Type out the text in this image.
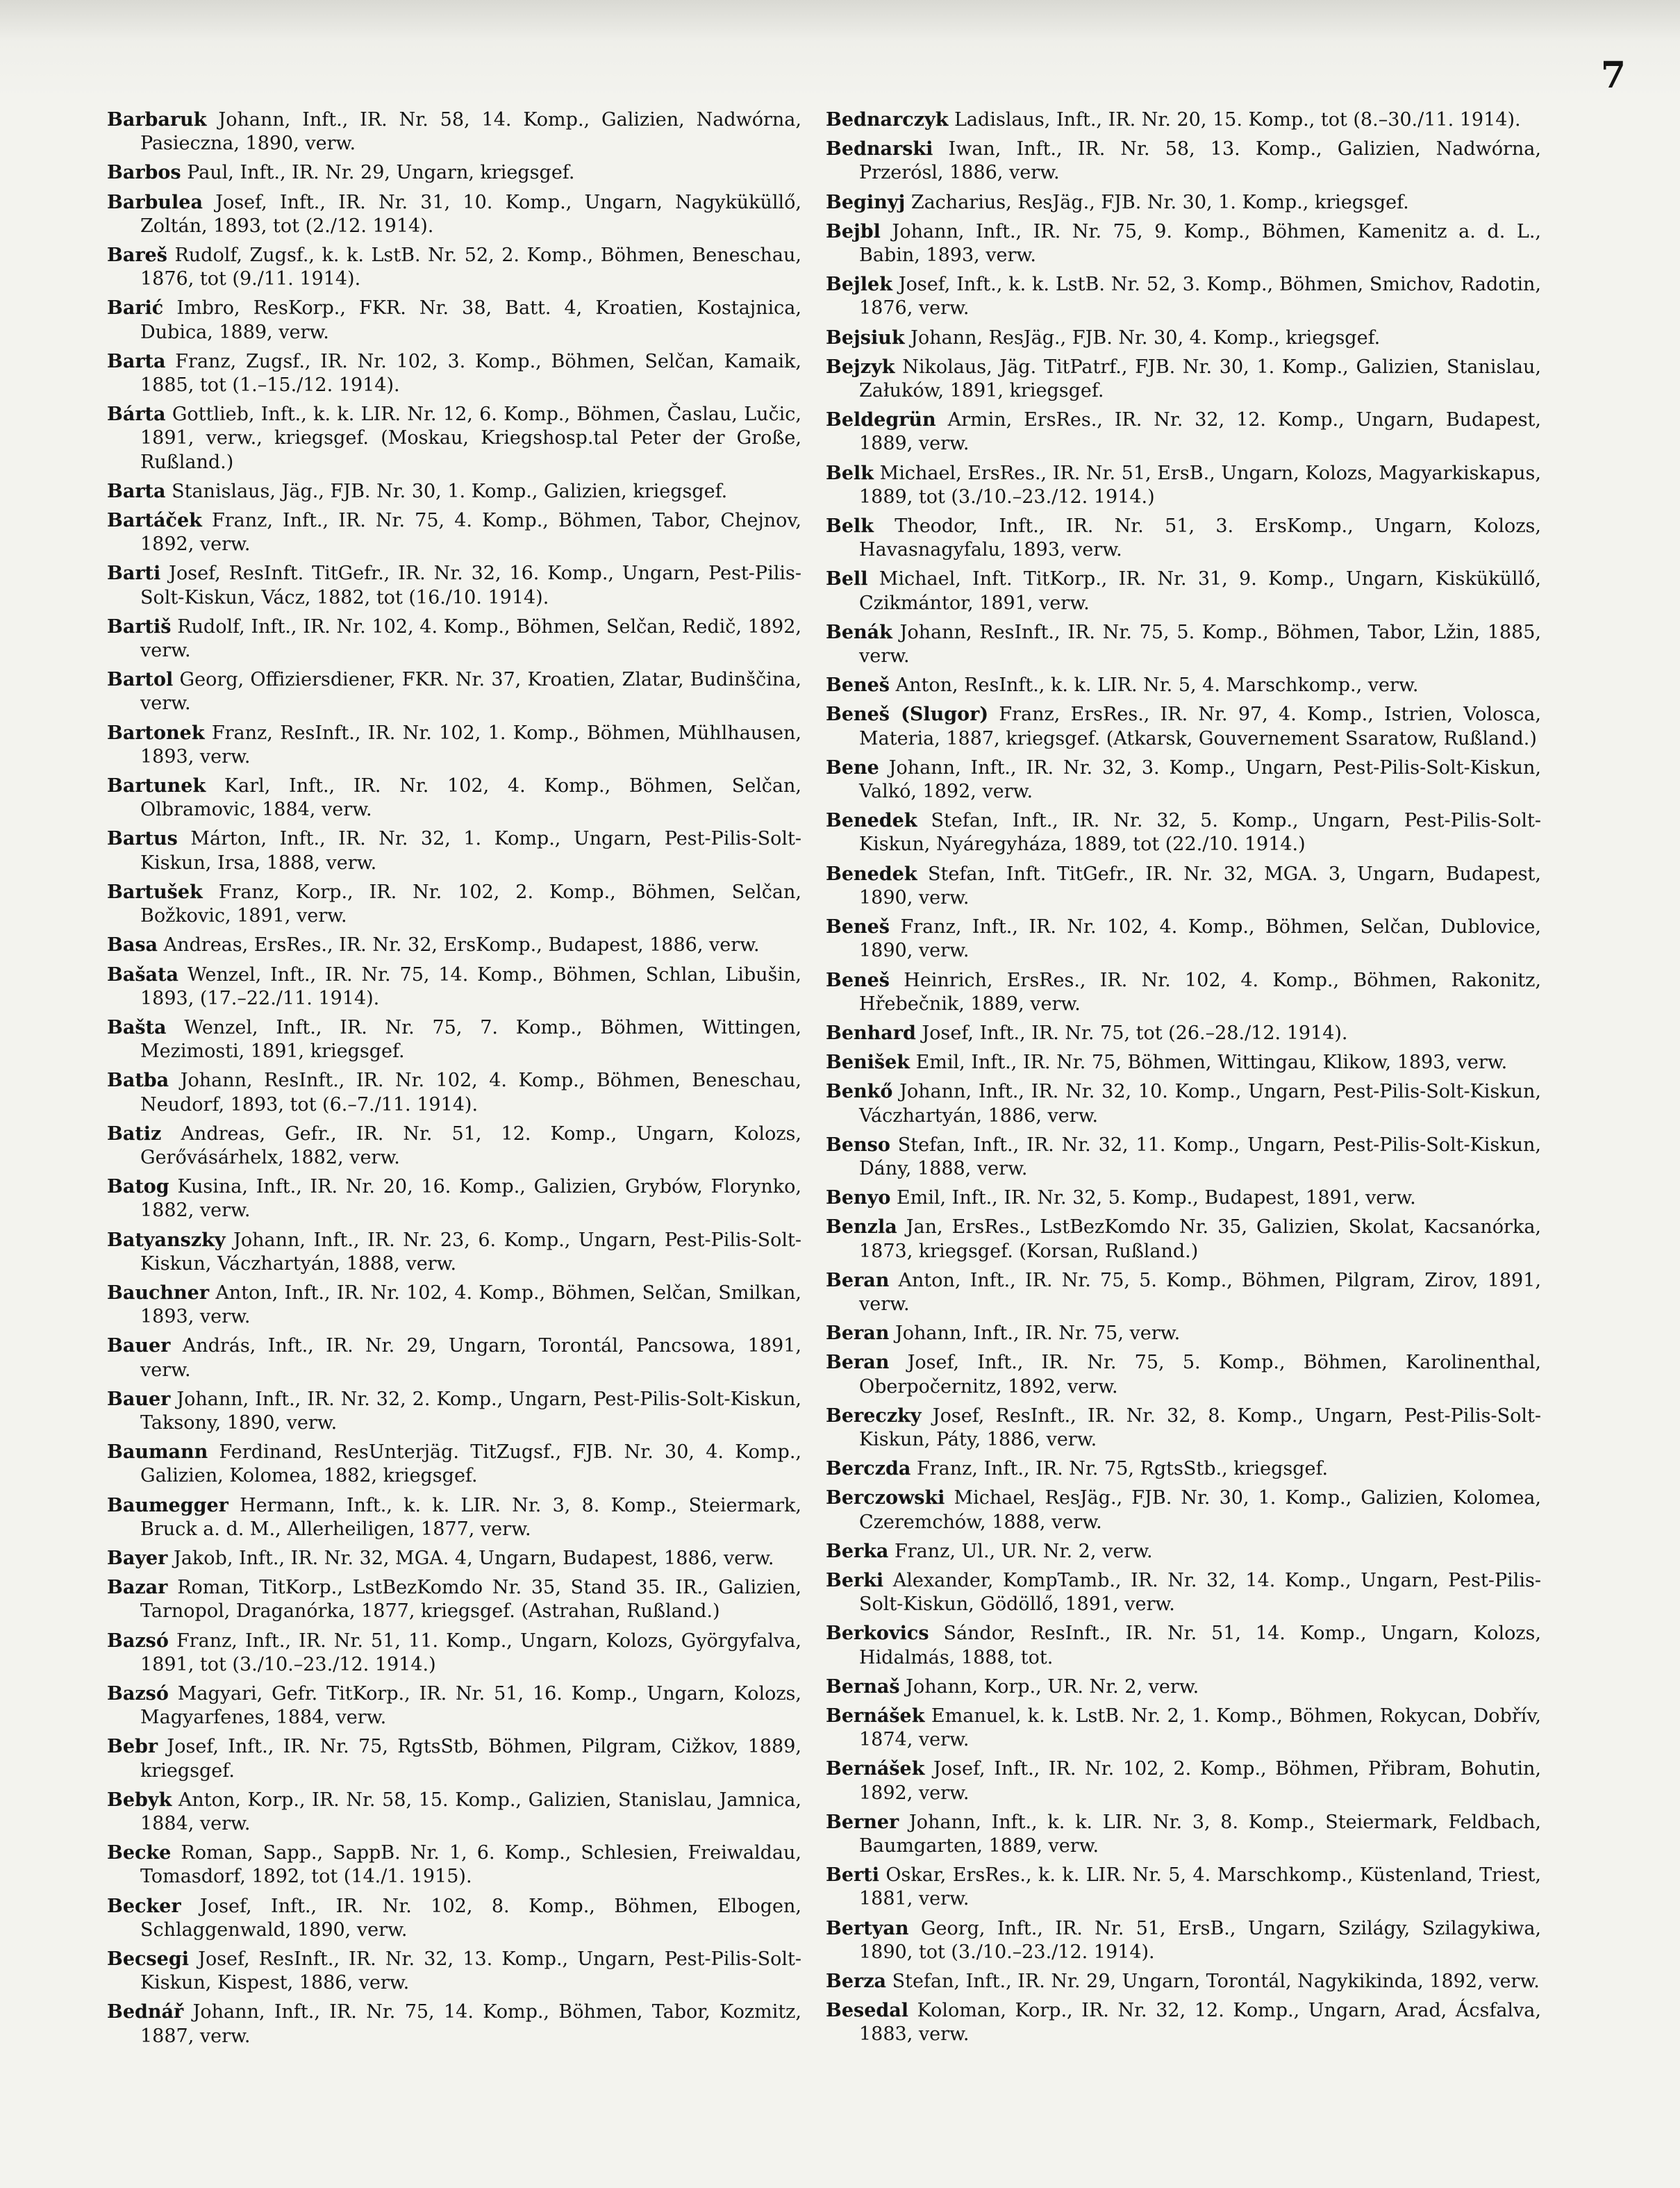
7

Barbaruk Johann, Inft., IR. Nr. 58, 14. Komp., Galizien, Nadwórna, Pasieczna, 1890, verw.

Barbos Paul, Inft., IR. Nr. 29, Ungarn, kriegsgef.

Barbulea Josef, Inft., IR. Nr. 31, 10. Komp., Ungarn, Nagyküküllő, Zoltán, 1893, tot (2./12. 1914).

Bareš Rudolf, Zugsf., k. k. LstB. Nr. 52, 2. Komp., Böhmen, Beneschau, 1876, tot (9./11. 1914).

Barić Imbro, ResKorp., FKR. Nr. 38, Batt. 4, Kroatien, Kostajnica, Dubica, 1889, verw.

Barta Franz, Zugsf., IR. Nr. 102, 3. Komp., Böhmen, Selčan, Kamaik, 1885, tot (1.–15./12. 1914).

Bárta Gottlieb, Inft., k. k. LIR. Nr. 12, 6. Komp., Böhmen, Časlau, Lučic, 1891, verw., kriegsgef. (Moskau, Kriegshosp.tal Peter der Große, Rußland.)

Barta Stanislaus, Jäg., FJB. Nr. 30, 1. Komp., Galizien, kriegsgef.

Bartáček Franz, Inft., IR. Nr. 75, 4. Komp., Böhmen, Tabor, Chejnov, 1892, verw.

Barti Josef, ResInft. TitGefr., IR. Nr. 32, 16. Komp., Ungarn, Pest-Pilis-Solt-Kiskun, Vácz, 1882, tot (16./10. 1914).

Bartiš Rudolf, Inft., IR. Nr. 102, 4. Komp., Böhmen, Selčan, Redič, 1892, verw.

Bartol Georg, Offiziersdiener, FKR. Nr. 37, Kroatien, Zlatar, Budinščina, verw.

Bartonek Franz, ResInft., IR. Nr. 102, 1. Komp., Böhmen, Mühlhausen, 1893, verw.

Bartunek Karl, Inft., IR. Nr. 102, 4. Komp., Böhmen, Selčan, Olbramovic, 1884, verw.

Bartus Márton, Inft., IR. Nr. 32, 1. Komp., Ungarn, Pest-Pilis-Solt-Kiskun, Irsa, 1888, verw.

Bartušek Franz, Korp., IR. Nr. 102, 2. Komp., Böhmen, Selčan, Božkovic, 1891, verw.

Basa Andreas, ErsRes., IR. Nr. 32, ErsKomp., Budapest, 1886, verw.

Bašata Wenzel, Inft., IR. Nr. 75, 14. Komp., Böhmen, Schlan, Libušin, 1893, (17.–22./11. 1914).

Bašta Wenzel, Inft., IR. Nr. 75, 7. Komp., Böhmen, Wittingen, Mezimosti, 1891, kriegsgef.

Batba Johann, ResInft., IR. Nr. 102, 4. Komp., Böhmen, Beneschau, Neudorf, 1893, tot (6.–7./11. 1914).

Batiz Andreas, Gefr., IR. Nr. 51, 12. Komp., Ungarn, Kolozs, Gerővásárhelx, 1882, verw.

Batog Kusina, Inft., IR. Nr. 20, 16. Komp., Galizien, Grybów, Florynko, 1882, verw.

Batyanszky Johann, Inft., IR. Nr. 23, 6. Komp., Ungarn, Pest-Pilis-Solt-Kiskun, Váczhartyán, 1888, verw.

Bauchner Anton, Inft., IR. Nr. 102, 4. Komp., Böhmen, Selčan, Smilkan, 1893, verw.

Bauer András, Inft., IR. Nr. 29, Ungarn, Torontál, Pancsowa, 1891, verw.

Bauer Johann, Inft., IR. Nr. 32, 2. Komp., Ungarn, Pest-Pilis-Solt-Kiskun, Taksony, 1890, verw.

Baumann Ferdinand, ResUnterjäg. TitZugsf., FJB. Nr. 30, 4. Komp., Galizien, Kolomea, 1882, kriegsgef.

Baumegger Hermann, Inft., k. k. LIR. Nr. 3, 8. Komp., Steiermark, Bruck a. d. M., Allerheiligen, 1877, verw.

Bayer Jakob, Inft., IR. Nr. 32, MGA. 4, Ungarn, Budapest, 1886, verw.

Bazar Roman, TitKorp., LstBezKomdo Nr. 35, Stand 35. IR., Galizien, Tarnopol, Draganórka, 1877, kriegsgef. (Astrahan, Rußland.)

Bazsó Franz, Inft., IR. Nr. 51, 11. Komp., Ungarn, Kolozs, Györgyfalva, 1891, tot (3./10.–23./12. 1914.)

Bazsó Magyari, Gefr. TitKorp., IR. Nr. 51, 16. Komp., Ungarn, Kolozs, Magyarfenes, 1884, verw.

Bebr Josef, Inft., IR. Nr. 75, RgtsStb, Böhmen, Pilgram, Cižkov, 1889, kriegsgef.

Bebyk Anton, Korp., IR. Nr. 58, 15. Komp., Galizien, Stanislau, Jamnica, 1884, verw.

Becke Roman, Sapp., SappB. Nr. 1, 6. Komp., Schlesien, Freiwaldau, Tomasdorf, 1892, tot (14./1. 1915).

Becker Josef, Inft., IR. Nr. 102, 8. Komp., Böhmen, Elbogen, Schlaggenwald, 1890, verw.

Becsegi Josef, ResInft., IR. Nr. 32, 13. Komp., Ungarn, Pest-Pilis-Solt-Kiskun, Kispest, 1886, verw.

Bednář Johann, Inft., IR. Nr. 75, 14. Komp., Böhmen, Tabor, Kozmitz, 1887, verw.

Bednarczyk Ladislaus, Inft., IR. Nr. 20, 15. Komp., tot (8.–30./11. 1914).

Bednarski Iwan, Inft., IR. Nr. 58, 13. Komp., Galizien, Nadwórna, Przerósl, 1886, verw.

Beginyj Zacharius, ResJäg., FJB. Nr. 30, 1. Komp., kriegsgef.

Bejbl Johann, Inft., IR. Nr. 75, 9. Komp., Böhmen, Kamenitz a. d. L., Babin, 1893, verw.

Bejlek Josef, Inft., k. k. LstB. Nr. 52, 3. Komp., Böhmen, Smichov, Radotin, 1876, verw.

Bejsiuk Johann, ResJäg., FJB. Nr. 30, 4. Komp., kriegsgef.

Bejzyk Nikolaus, Jäg. TitPatrf., FJB. Nr. 30, 1. Komp., Galizien, Stanislau, Załuków, 1891, kriegsgef.

Beldegrün Armin, ErsRes., IR. Nr. 32, 12. Komp., Ungarn, Budapest, 1889, verw.

Belk Michael, ErsRes., IR. Nr. 51, ErsB., Ungarn, Kolozs, Magyarkiskapus, 1889, tot (3./10.–23./12. 1914.)

Belk Theodor, Inft., IR. Nr. 51, 3. ErsKomp., Ungarn, Kolozs, Havasnagyfalu, 1893, verw.

Bell Michael, Inft. TitKorp., IR. Nr. 31, 9. Komp., Ungarn, Kisküküllő, Czikmántor, 1891, verw.

Benák Johann, ResInft., IR. Nr. 75, 5. Komp., Böhmen, Tabor, Lžin, 1885, verw.

Beneš Anton, ResInft., k. k. LIR. Nr. 5, 4. Marschkomp., verw.

Beneš (Slugor) Franz, ErsRes., IR. Nr. 97, 4. Komp., Istrien, Volosca, Materia, 1887, kriegsgef. (Atkarsk, Gouvernement Ssaratow, Rußland.)

Bene Johann, Inft., IR. Nr. 32, 3. Komp., Ungarn, Pest-Pilis-Solt-Kiskun, Valkó, 1892, verw.

Benedek Stefan, Inft., IR. Nr. 32, 5. Komp., Ungarn, Pest-Pilis-Solt-Kiskun, Nyáregyháza, 1889, tot (22./10. 1914.)

Benedek Stefan, Inft. TitGefr., IR. Nr. 32, MGA. 3, Ungarn, Budapest, 1890, verw.

Beneš Franz, Inft., IR. Nr. 102, 4. Komp., Böhmen, Selčan, Dublovice, 1890, verw.

Beneš Heinrich, ErsRes., IR. Nr. 102, 4. Komp., Böhmen, Rakonitz, Hřebečnik, 1889, verw.

Benhard Josef, Inft., IR. Nr. 75, tot (26.–28./12. 1914).

Benišek Emil, Inft., IR. Nr. 75, Böhmen, Wittingau, Klikow, 1893, verw.

Benkő Johann, Inft., IR. Nr. 32, 10. Komp., Ungarn, Pest-Pilis-Solt-Kiskun, Váczhartyán, 1886, verw.

Benso Stefan, Inft., IR. Nr. 32, 11. Komp., Ungarn, Pest-Pilis-Solt-Kiskun, Dány, 1888, verw.

Benyo Emil, Inft., IR. Nr. 32, 5. Komp., Budapest, 1891, verw.

Benzla Jan, ErsRes., LstBezKomdo Nr. 35, Galizien, Skolat, Kacsanórka, 1873, kriegsgef. (Korsan, Rußland.)

Beran Anton, Inft., IR. Nr. 75, 5. Komp., Böhmen, Pilgram, Zirov, 1891, verw.

Beran Johann, Inft., IR. Nr. 75, verw.

Beran Josef, Inft., IR. Nr. 75, 5. Komp., Böhmen, Karolinenthal, Oberpočernitz, 1892, verw.

Bereczky Josef, ResInft., IR. Nr. 32, 8. Komp., Ungarn, Pest-Pilis-Solt-Kiskun, Páty, 1886, verw.

Berczda Franz, Inft., IR. Nr. 75, RgtsStb., kriegsgef.

Berczowski Michael, ResJäg., FJB. Nr. 30, 1. Komp., Galizien, Kolomea, Czeremchów, 1888, verw.

Berka Franz, Ul., UR. Nr. 2, verw.

Berki Alexander, KompTamb., IR. Nr. 32, 14. Komp., Ungarn, Pest-Pilis-Solt-Kiskun, Gödöllő, 1891, verw.

Berkovics Sándor, ResInft., IR. Nr. 51, 14. Komp., Ungarn, Kolozs, Hidalmás, 1888, tot.

Bernaš Johann, Korp., UR. Nr. 2, verw.

Bernášek Emanuel, k. k. LstB. Nr. 2, 1. Komp., Böhmen, Rokycan, Dobřív, 1874, verw.

Bernášek Josef, Inft., IR. Nr. 102, 2. Komp., Böhmen, Přibram, Bohutin, 1892, verw.

Berner Johann, Inft., k. k. LIR. Nr. 3, 8. Komp., Steiermark, Feldbach, Baumgarten, 1889, verw.

Berti Oskar, ErsRes., k. k. LIR. Nr. 5, 4. Marschkomp., Küstenland, Triest, 1881, verw.

Bertyan Georg, Inft., IR. Nr. 51, ErsB., Ungarn, Szilágy, Szilagykiwa, 1890, tot (3./10.–23./12. 1914).

Berza Stefan, Inft., IR. Nr. 29, Ungarn, Torontál, Nagykikinda, 1892, verw.

Besedal Koloman, Korp., IR. Nr. 32, 12. Komp., Ungarn, Arad, Ácsfalva, 1883, verw.
